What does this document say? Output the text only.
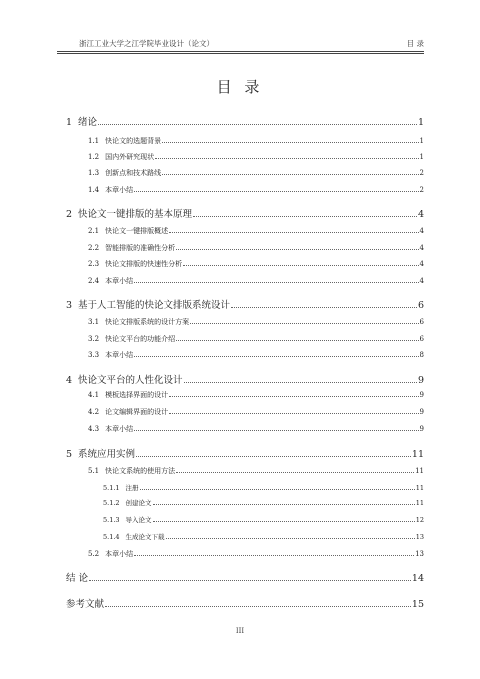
浙江工业大学之江学院毕业设计（论文）	目 录
目 录
1 绪论	1
1.1 快论文的选题背景	1
1.2 国内外研究现状	1
1.3 创新点和技术路线	2
1.4 本章小结	2
2 快论文一键排版的基本原理	4
2.1 快论文一键排版概述	4
2.2 智能排版的准确性分析	4
2.3 快论文排版的快速性分析	4
2.4 本章小结	4
3 基于人工智能的快论文排版系统设计	6
3.1 快论文排版系统的设计方案	6
3.2 快论文平台的功能介绍	6
3.3 本章小结	8
4 快论文平台的人性化设计	9
4.1 模板选择界面的设计	9
4.2 论文编辑界面的设计	9
4.3 本章小结	9
5 系统应用实例	11
5.1 快论文系统的使用方法	11
5.1.1 注册	11
5.1.2 创建论文	11
5.1.3 导入论文	12
5.1.4 生成论文下载	13
5.2 本章小结	13
结 论	14
参考文献	15
III
